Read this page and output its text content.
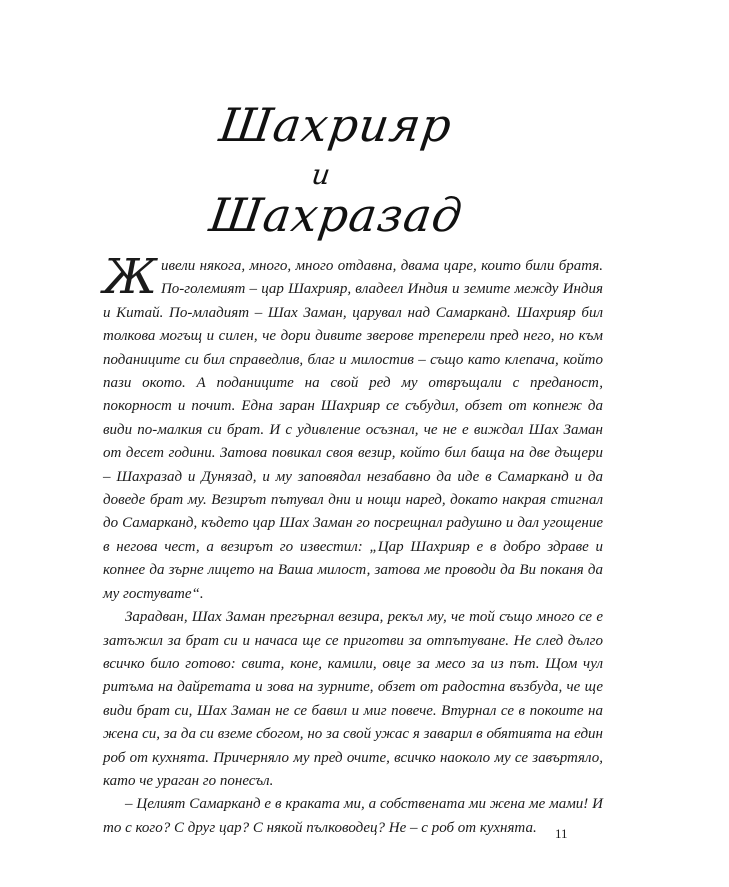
Шахрияр
и
Шахразад

Живели някога, много, много отдавна, двама царе, които били братя. По-големият – цар Шахрияр, владеел Индия и земите между Индия и Китай. По-младият – Шах Заман, царувал над Самарканд. Шахрияр бил толкова могъщ и силен, че дори дивите зверове треперели пред него, но към поданиците си бил справедлив, благ и милостив – също като клепача, който пази окото. А поданиците на свой ред му отвръщали с преданост, покорност и почит. Една заран Шахрияр се събудил, обзет от копнеж да види по-малкия си брат. И с удивление осъзнал, че не е виждал Шах Заман от десет години. Затова повикал своя везир, който бил баща на две дъщери – Шахразад и Дунязад, и му заповядал незабавно да иде в Самарканд и да доведе брат му. Везирът пътувал дни и нощи наред, докато накрая стигнал до Самарканд, където цар Шах Заман го посрещнал радушно и дал угощение в негова чест, а везирът го известил: „Цар Шахрияр е в добро здраве и копнее да зърне лицето на Ваша милост, затова ме проводи да Ви поканя да му гостувате“.

Зарадван, Шах Заман прегърнал везира, рекъл му, че той също много се е затъжил за брат си и начаса ще се приготви за отпътуване. Не след дълго всичко било готово: свита, коне, камили, овце за месо за из път. Щом чул ритъма на дайретата и зова на зурните, обзет от радостна възбуда, че ще види брат си, Шах Заман не се бавил и миг повече. Втурнал се в покоите на жена си, за да си вземе сбогом, но за свой ужас я заварил в обятията на един роб от кухнята. Причерняло му пред очите, всичко наоколо му се завъртяло, като че ураган го понесъл.

– Целият Самарканд е в краката ми, а собствената ми жена ме мами! И то с кого? С друг цар? С някой пълководец? Не – с роб от кухнята.	11
